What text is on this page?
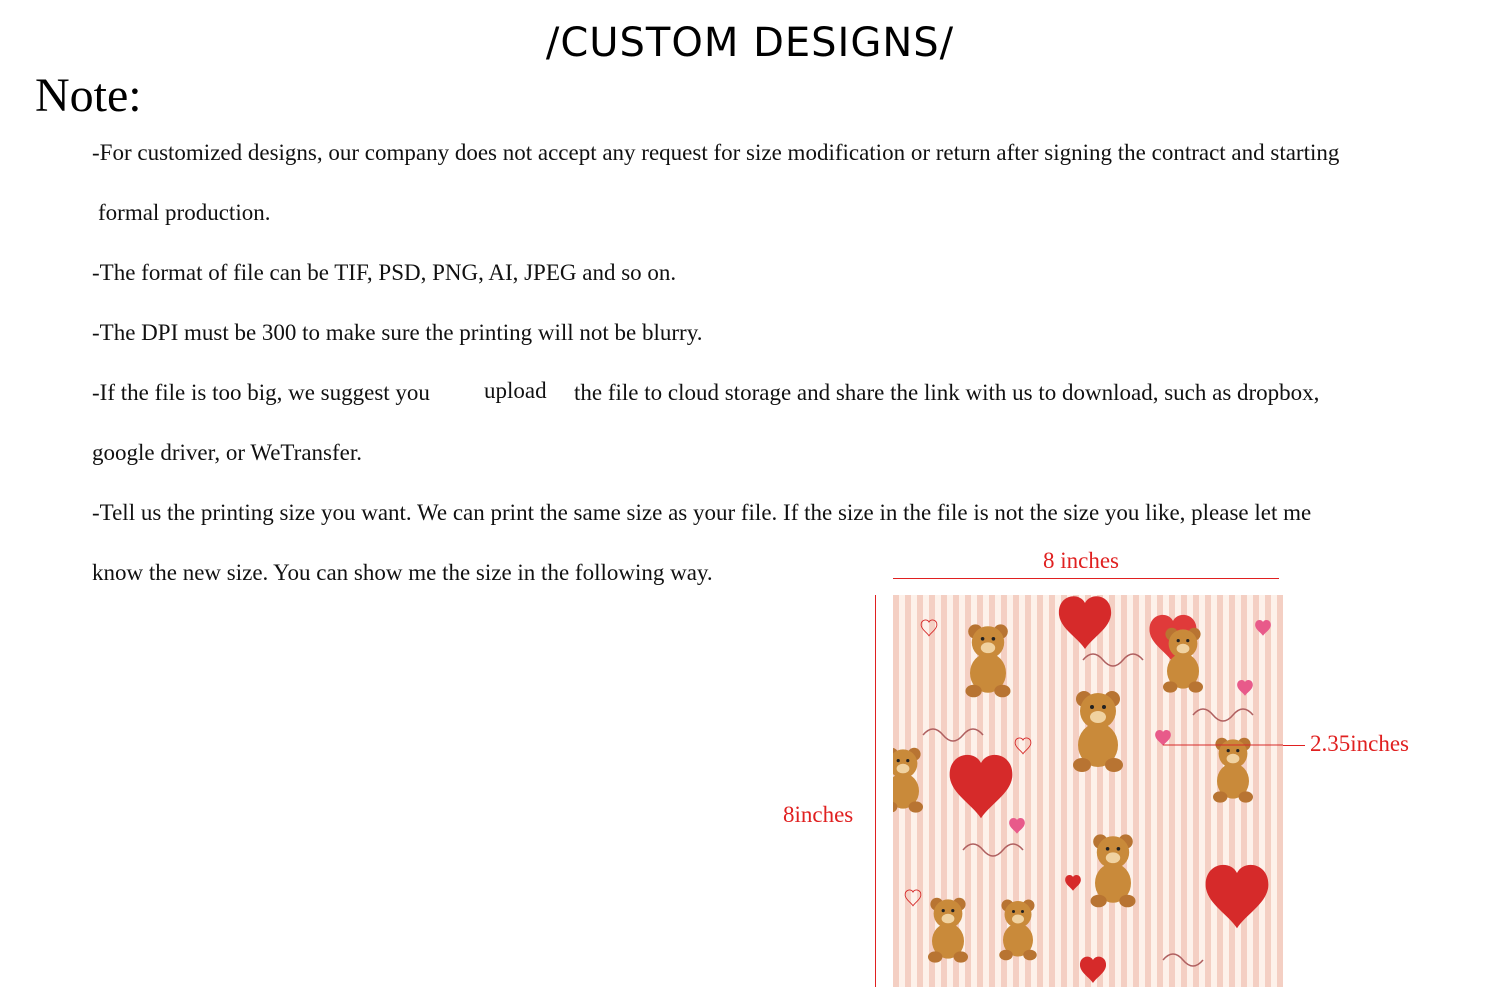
/CUSTOM DESIGNS/
Note:
-For customized designs, our company does not accept any request for size modification or return after signing the contract and starting
formal production.
-The format of file can be TIF, PSD, PNG, AI, JPEG and so on.
-The DPI must be 300 to make sure the printing will not be blurry.
-If the file is too big, we suggest you upload the file to cloud storage and share the link with us to download, such as dropbox,
google driver, or WeTransfer.
-Tell us the printing size you want. We can print the same size as your file. If the size in the file is not the size you like, please let me
know the new size. You can show me the size in the following way.	8 inches
8inches
2.35inches
